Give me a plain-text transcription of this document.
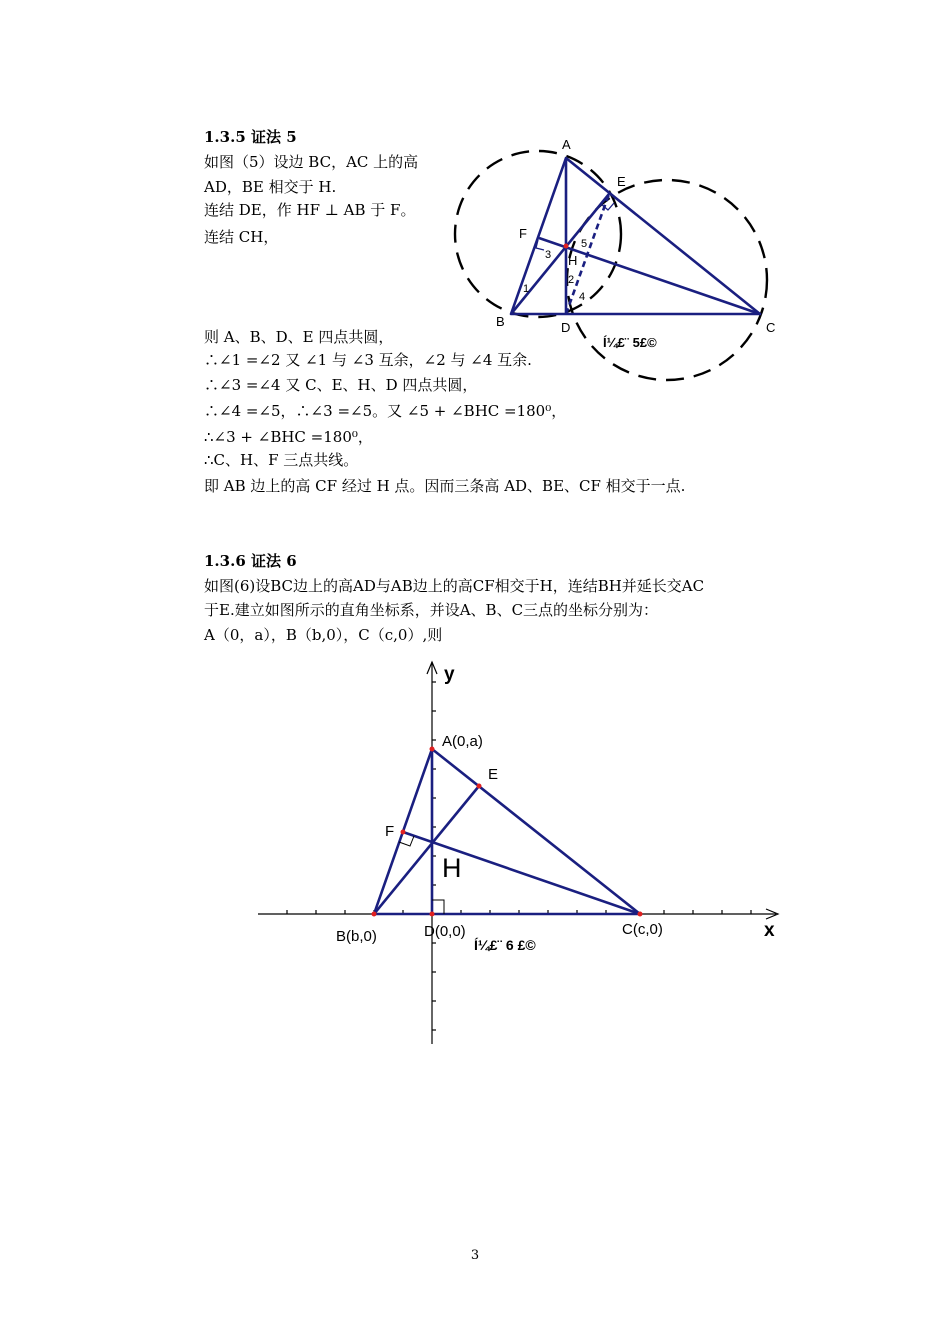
1.3.5 证法 5
如图（5）设边 BC，AC 上的高
AD，BE 相交于 H.
连结 DE，作 HF ⊥ AB 于 F。
连结 CH，
则 A、B、D、E 四点共圆，
∴∠1 =∠2 又 ∠1 与 ∠3 互余，∠2 与 ∠4 互余.
∴∠3 =∠4 又 C、E、H、D 四点共圆，
∴∠4 =∠5，∴∠3 =∠5。又 ∠5 + ∠BHC =180⁰，
∴∠3 + ∠BHC =180⁰，
∴C、H、F 三点共线。
即 AB 边上的高 CF 经过 H 点。因而三条高 AD、BE、CF 相交于一点.
A
B	C
D
E
F
H
1
2
3
4
5
Í¼£¨ 5£©
1.3.6 证法 6
如图(6)设BC边上的高AD与AB边上的高CF相交于H，连结BH并延长交AC
于E.建立如图所示的直角坐标系，并设A、B、C三点的坐标分别为：
A（0，a），B（b,0），C（c,0）,则
A(0,a)
B(b,0)	C(c,0)
D(0,0)
E
F
H
x
y
Í¼£¨ 6 £©
3
